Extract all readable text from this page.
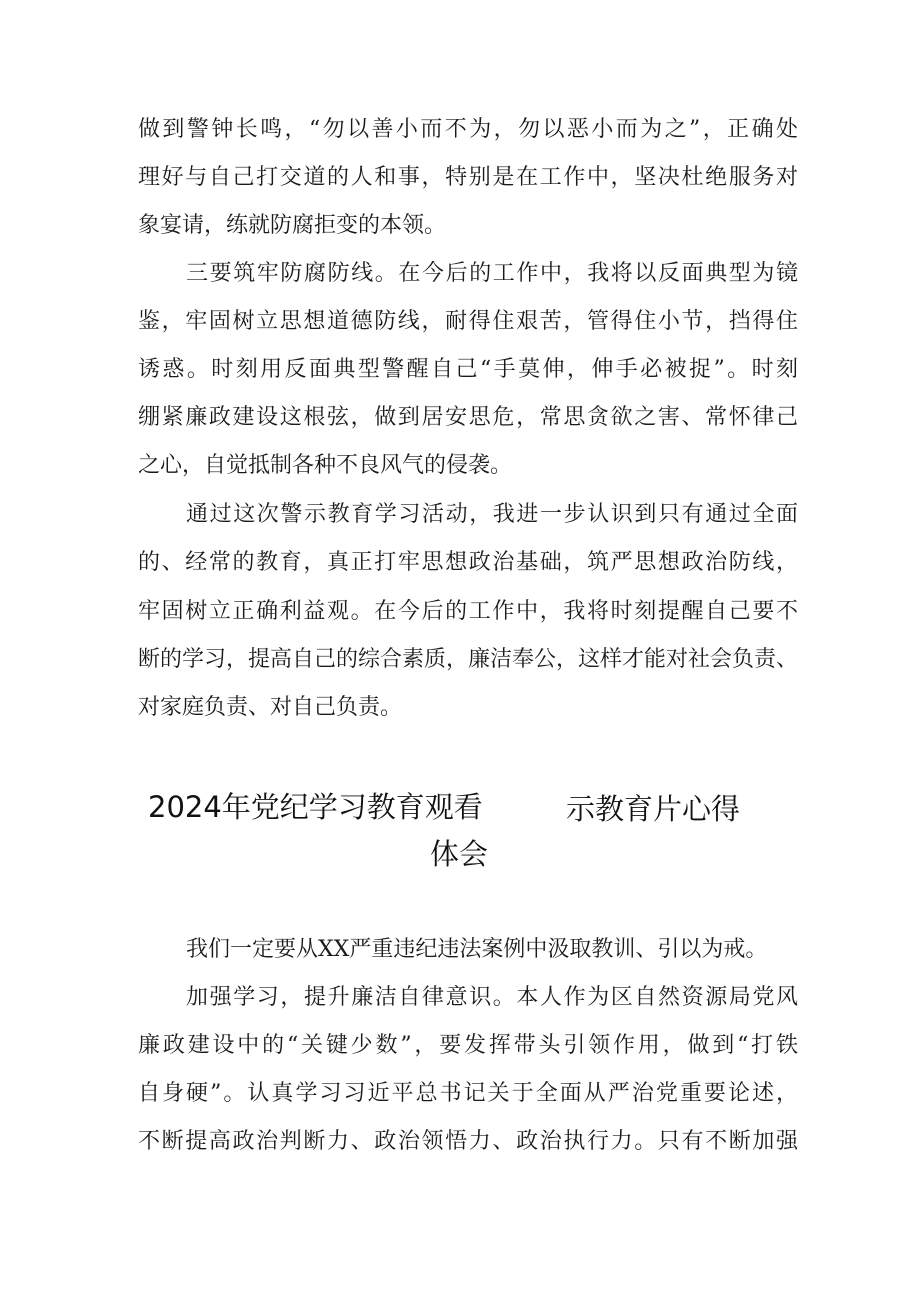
做到警钟长鸣，“勿以善小而不为，勿以恶小而为之”，正确处
理好与自己打交道的人和事，特别是在工作中，坚决杜绝服务对
象宴请，练就防腐拒变的本领。
三要筑牢防腐防线。在今后的工作中，我将以反面典型为镜
鉴，牢固树立思想道德防线，耐得住艰苦，管得住小节，挡得住
诱惑。时刻用反面典型警醒自己“手莫伸，伸手必被捉”。时刻
绷紧廉政建设这根弦，做到居安思危，常思贪欲之害、常怀律己
之心，自觉抵制各种不良风气的侵袭。
通过这次警示教育学习活动，我进一步认识到只有通过全面
的、经常的教育，真正打牢思想政治基础，筑严思想政治防线，
牢固树立正确利益观。在今后的工作中，我将时刻提醒自己要不
断的学习，提高自己的综合素质，廉洁奉公，这样才能对社会负责、
对家庭负责、对自己负责。
2024年党纪学习教育观看	示教育片心得
体会
我们一定要从XX严重违纪违法案例中汲取教训、引以为戒。
加强学习，提升廉洁自律意识。本人作为区自然资源局党风
廉政建设中的“关键少数”，要发挥带头引领作用，做到“打铁
自身硬”。认真学习习近平总书记关于全面从严治党重要论述，
不断提高政治判断力、政治领悟力、政治执行力。只有不断加强
